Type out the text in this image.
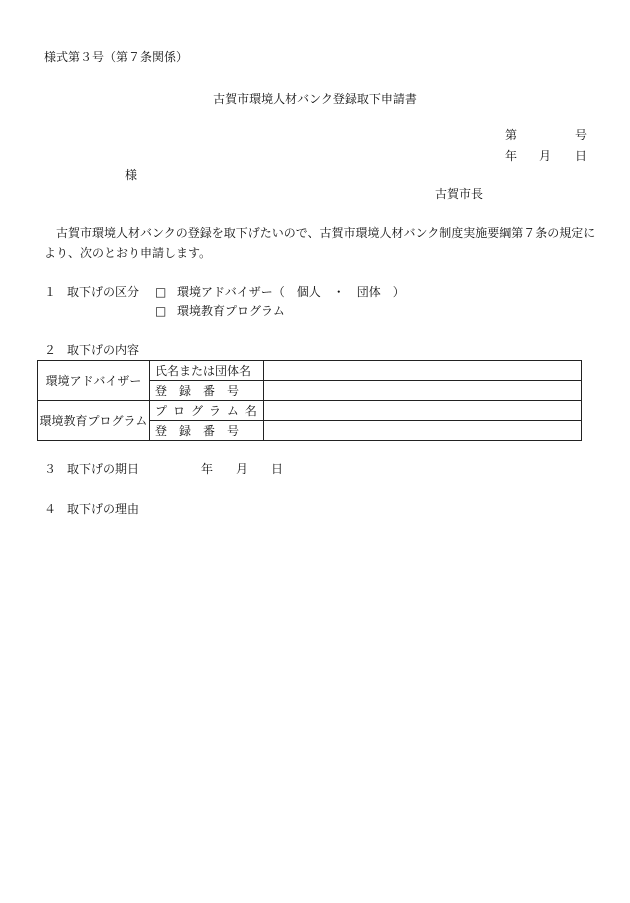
様式第３号（第７条関係）
古賀市環境人材バンク登録取下申請書
第	号
年 月 日
様
古賀市長
古賀市環境人材バンクの登録を取下げたいので、古賀市環境人材バンク制度実施要綱第７条の規定に
より、次のとおり申請します。
１ 取下げの区分 □ 環境アドバイザー（　個人　・　団体　）
□ 環境教育プログラム
２ 取下げの内容
環境アドバイザー	氏名または団体名	
	登　録　番　号	
環境教育プログラム	プログラム名	
	登　録　番　号	
３ 取下げの期日	年 月 日
４ 取下げの理由
